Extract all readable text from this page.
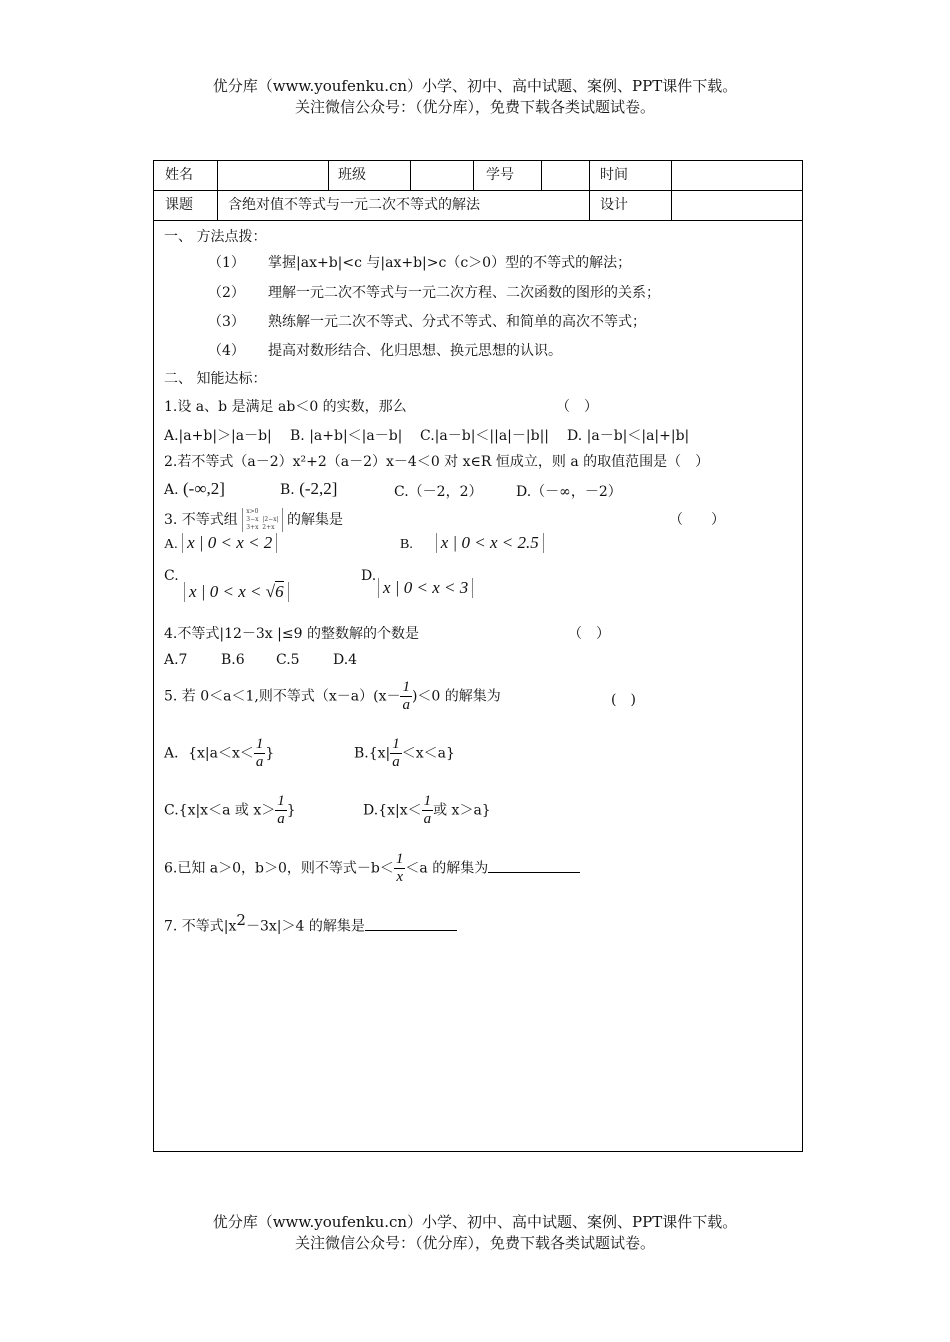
优分库（www.youfenku.cn）小学、初中、高中试题、案例、PPT课件下载。
关注微信公众号：（优分库），免费下载各类试题试卷。
姓名	班级	学号	时间
课题	含绝对值不等式与一元二次不等式的解法	设计
一、 方法点拨：
（1） 掌握|ax+b|<c 与|ax+b|>c（c＞0）型的不等式的解法；
（2） 理解一元二次不等式与一元二次方程、二次函数的图形的关系；
（3） 熟练解一元二次不等式、分式不等式、和简单的高次不等式；
（4） 提高对数形结合、化归思想、换元思想的认识。
二、 知能达标：
1.设 a、b 是满足 ab＜0 的实数，那么	（　）
A.|a+b|＞|a－b| B. |a+b|＜|a－b| C.|a－b|＜||a|－|b|| D. |a－b|＜|a|+|b|
2.若不等式（a－2）x²+2（a－2）x－4＜0 对 x∈R 恒成立，则 a 的取值范围是（　）
A. (-∞,2]	B. (-2,2]	C.（－2，2） D.（－∞，－2）
3. 不等式组 x>0
3−x  |2−x|
3+x  2+x 的解集是	（　　）
A. x | 0 < x < 2	B. x | 0 < x < 2.5
C.
x | 0 < x < √6
D.
x | 0 < x < 3
4.不等式|12－3x |≤9 的整数解的个数是	（　）
A.7 B.6 C.5 D.4
5. 若 0＜a＜1,则不等式$(x-a)(x- \frac{1}{a} )<0$ 的解集为	(　)
A．{$x|a<x< \frac{1}{a}$ }	$B.\{x| \frac{1}{a} <x<a\}$
C.{x|x＜a 或 $x> \frac{1}{a}$ }	$D.\{x|x< \frac{1}{a}$ 或 x＞a}
6.已知 a＞0，b＞0，则不等式$-b< \frac{1}{x} <a$ 的解集为
7. 不等式$|x^2-3x|>4$ 的解集是
优分库（www.youfenku.cn）小学、初中、高中试题、案例、PPT课件下载。
关注微信公众号：（优分库），免费下载各类试题试卷。
